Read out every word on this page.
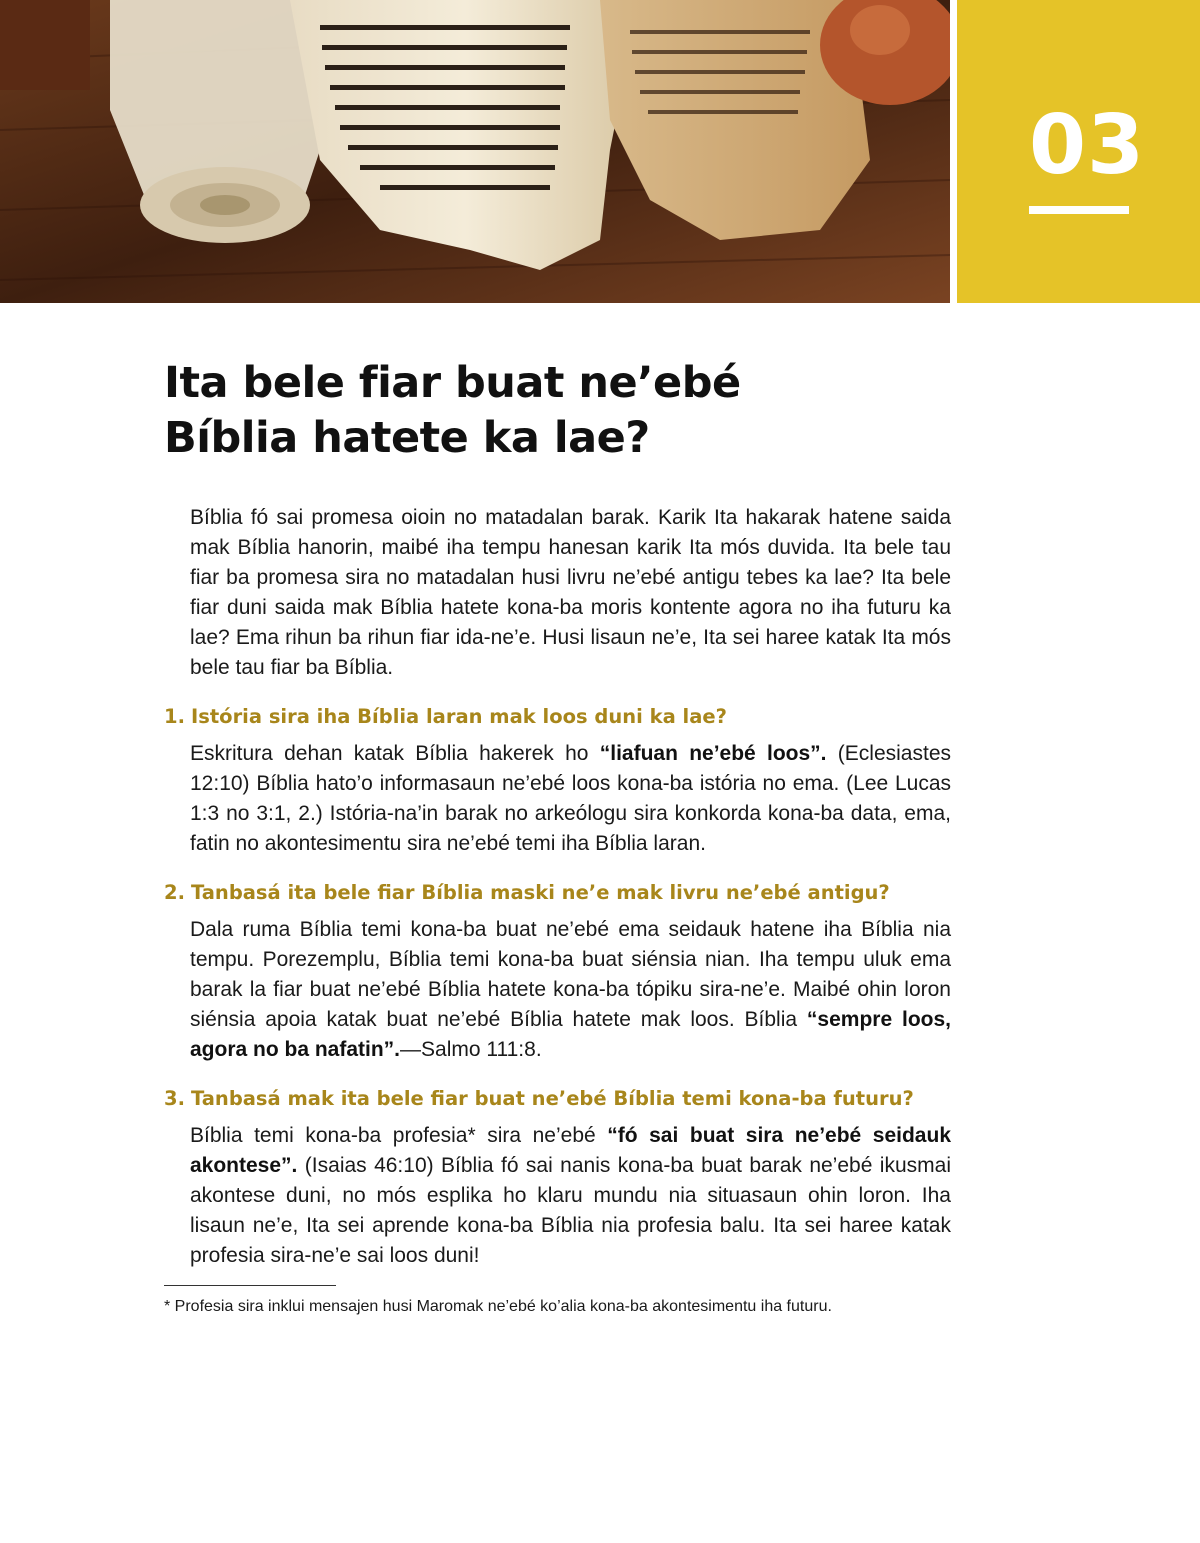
03
Ita bele fiar buat ne’ebé
Bíblia hatete ka lae?

Bíblia fó sai promesa oioin no matadalan barak. Karik Ita hakarak hatene saida mak Bíblia hanorin, maibé iha tempu hanesan karik Ita mós duvida. Ita bele tau fiar ba promesa sira no matadalan husi livru ne’ebé antigu tebes ka lae? Ita bele fiar duni saida mak Bíblia hatete kona-ba moris kontente agora no iha futuru ka lae? Ema rihun ba rihun fiar ida-ne’e. Husi lisaun ne’e, Ita sei haree katak Ita mós bele tau fiar ba Bíblia.

1. Istória sira iha Bíblia laran mak loos duni ka lae?

Eskritura dehan katak Bíblia hakerek ho “liafuan ne’ebé loos”. (Eclesiastes 12:10) Bíblia hato’o informasaun ne’ebé loos kona-ba istória no ema. (Lee Lucas 1:3 no 3:1, 2.) Istória-na’in barak no arkeólogu sira konkorda kona-ba data, ema, fatin no akontesimentu sira ne’ebé temi iha Bíblia laran.

2. Tanbasá ita bele fiar Bíblia maski ne’e mak livru ne’ebé antigu?

Dala ruma Bíblia temi kona-ba buat ne’ebé ema seidauk hatene iha Bíblia nia tempu. Porezemplu, Bíblia temi kona-ba buat siénsia nian. Iha tempu uluk ema barak la fiar buat ne’ebé Bíblia hatete kona-ba tópiku sira-ne’e. Maibé ohin loron siénsia apoia katak buat ne’ebé Bíblia hatete mak loos. Bíblia “sempre loos, agora no ba nafatin”.—Salmo 111:8.

3. Tanbasá mak ita bele fiar buat ne’ebé Bíblia temi kona-ba futuru?

Bíblia temi kona-ba profesia* sira ne’ebé “fó sai buat sira ne’ebé seidauk akontese”. (Isaias 46:10) Bíblia fó sai nanis kona-ba buat barak ne’ebé ikusmai akontese duni, no mós esplika ho klaru mundu nia situasaun ohin loron. Iha lisaun ne’e, Ita sei aprende kona-ba Bíblia nia profesia balu. Ita sei haree katak profesia sira-ne’e sai loos duni!

* Profesia sira inklui mensajen husi Maromak ne’ebé ko’alia kona-ba akontesimentu iha futuru.
